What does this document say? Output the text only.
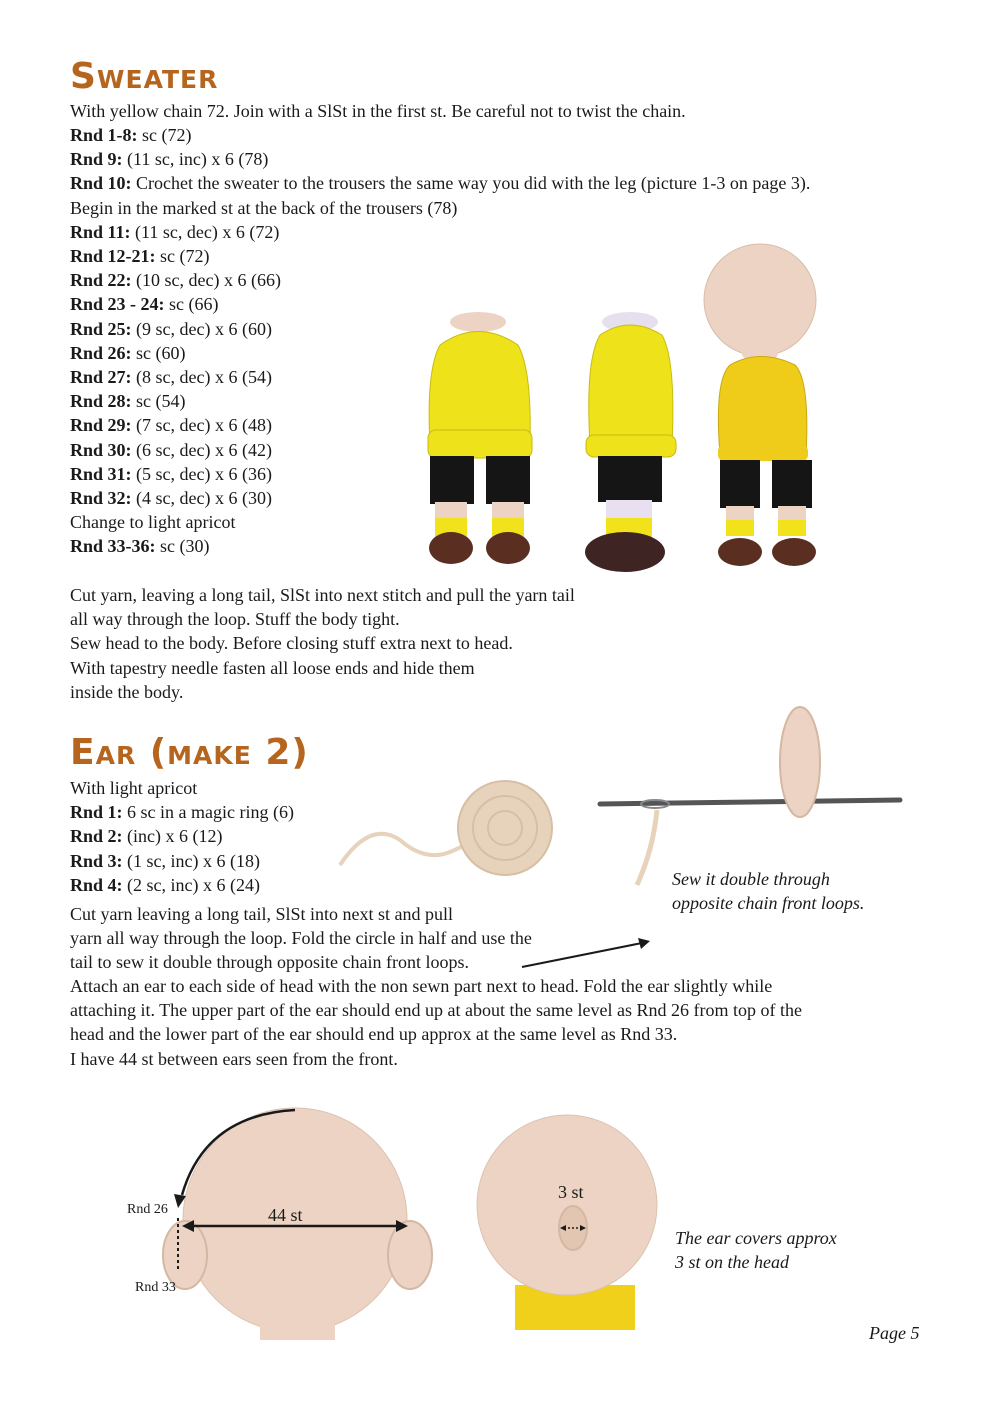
Sweater
With yellow chain 72. Join with a SlSt in the first st. Be careful not to twist the chain.
Rnd 1-8: sc (72)
Rnd 9: (11 sc, inc) x 6 (78)
Rnd 10: Crochet the sweater to the trousers the same way you did with the leg (picture 1-3 on page 3).
Begin in the marked st at the back of the trousers (78)
Rnd 11: (11 sc, dec) x 6 (72)
Rnd 12-21: sc (72)
Rnd 22: (10 sc, dec) x 6 (66)
Rnd 23 - 24: sc (66)
Rnd 25: (9 sc, dec) x 6 (60)
Rnd 26: sc (60)
Rnd 27: (8 sc, dec) x 6 (54)
Rnd 28: sc (54)
Rnd 29: (7 sc, dec) x 6 (48)
Rnd 30: (6 sc, dec) x 6 (42)
Rnd 31: (5 sc, dec) x 6 (36)
Rnd 32: (4 sc, dec) x 6 (30)
Change to light apricot
Rnd 33-36: sc (30)
Cut yarn, leaving a long tail, SlSt into next stitch and pull the yarn tail
all way through the loop. Stuff the body tight.
Sew head to the body. Before closing stuff extra next to head.
With tapestry needle fasten all loose ends and hide them
inside the body.
Ear (make 2)
With light apricot
Rnd 1: 6 sc in a magic ring (6)
Rnd 2: (inc) x 6 (12)
Rnd 3: (1 sc, inc) x 6 (18)
Rnd 4: (2 sc, inc) x 6 (24)
Cut yarn leaving a long tail, SlSt into next st and pull
yarn all way through the loop. Fold the circle in half and use the
tail to sew it double through opposite chain front loops.
Attach an ear to each side of head with the non sewn part next to head. Fold the ear slightly while
attaching it. The upper part of the ear should end up at about the same level as Rnd 26 from top of the
head and the lower part of the ear should end up approx at the same level as Rnd 33.
I have 44 st between ears seen from the front.
Sew it double through
opposite chain front loops.
Rnd 26
Rnd 33
44 st
3 st
The ear covers approx
3 st on the head
Page 5
